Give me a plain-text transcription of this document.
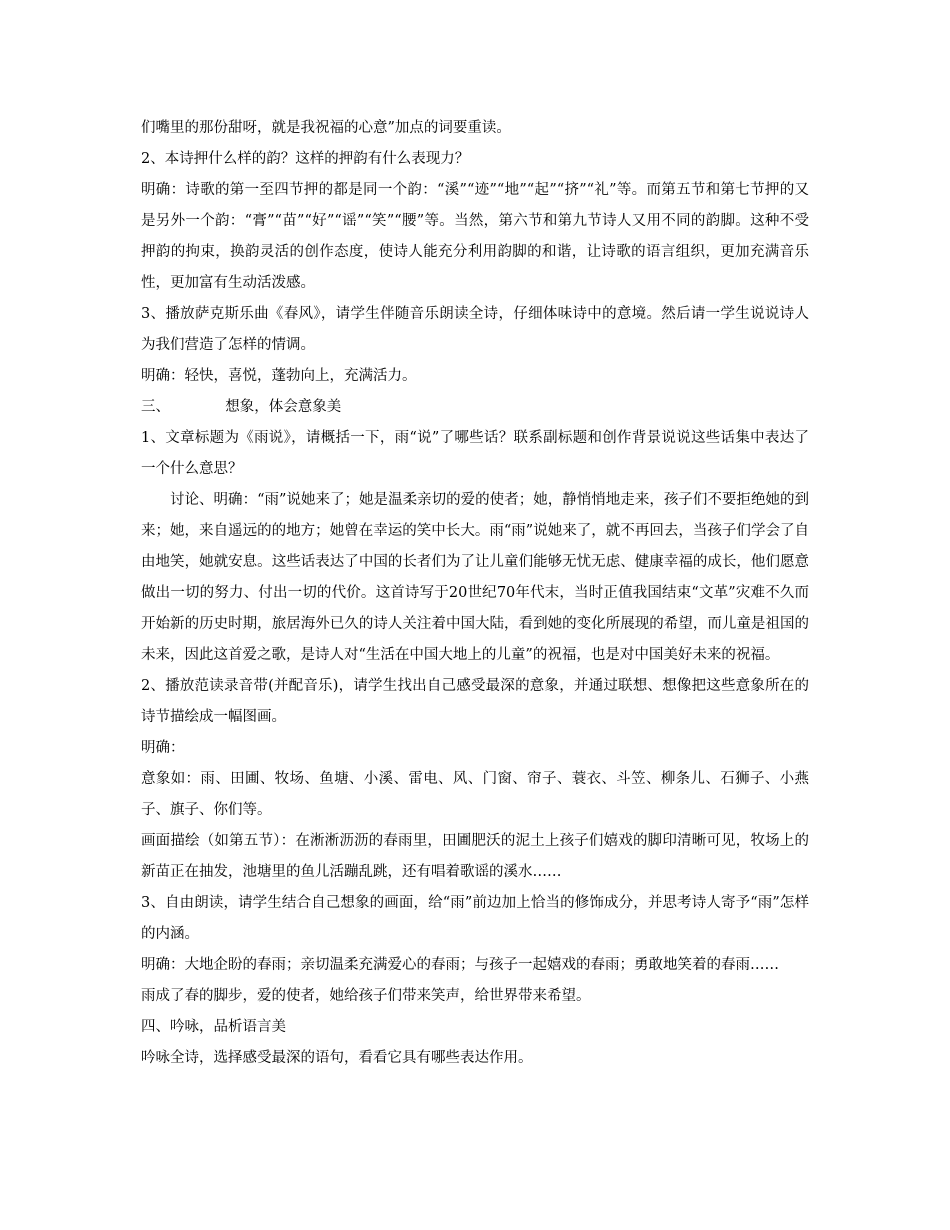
们嘴里的那份甜呀，就是我祝福的心意”加点的词要重读。

2、本诗押什么样的韵？这样的押韵有什么表现力？

明确：诗歌的第一至四节押的都是同一个韵：“溪”“迹”“地”“起”“挤”“礼”等。而第五节和第七节押的又是另外一个韵：“膏”“苗”“好”“谣”“笑”“腰”等。当然，第六节和第九节诗人又用不同的韵脚。这种不受押韵的拘束，换韵灵活的创作态度，使诗人能充分利用韵脚的和谐，让诗歌的语言组织，更加充满音乐性，更加富有生动活泼感。

3、播放萨克斯乐曲《春风》，请学生伴随音乐朗读全诗，仔细体味诗中的意境。然后请一学生说说诗人为我们营造了怎样的情调。

明确：轻快，喜悦，蓬勃向上，充满活力。

三、            想象，体会意象美

1、文章标题为《雨说》，请概括一下，雨“说”了哪些话？联系副标题和创作背景说说这些话集中表达了一个什么意思？

讨论、明确：“雨”说她来了；她是温柔亲切的爱的使者；她，静悄悄地走来，孩子们不要拒绝她的到来；她，来自遥远的的地方；她曾在幸运的笑中长大。雨“雨”说她来了，就不再回去，当孩子们学会了自由地笑，她就安息。这些话表达了中国的长者们为了让儿童们能够无忧无虑、健康幸福的成长，他们愿意做出一切的努力、付出一切的代价。这首诗写于20世纪70年代末，当时正值我国结束“文革”灾难不久而开始新的历史时期，旅居海外已久的诗人关注着中国大陆，看到她的变化所展现的希望，而儿童是祖国的未来，因此这首爱之歌，是诗人对“生活在中国大地上的儿童”的祝福，也是对中国美好未来的祝福。

2、播放范读录音带(并配音乐)，请学生找出自己感受最深的意象，并通过联想、想像把这些意象所在的诗节描绘成一幅图画。

明确：

意象如：雨、田圃、牧场、鱼塘、小溪、雷电、风、门窗、帘子、蓑衣、斗笠、柳条儿、石狮子、小燕子、旗子、你们等。

画面描绘（如第五节）：在淅淅沥沥的春雨里，田圃肥沃的泥土上孩子们嬉戏的脚印清晰可见，牧场上的新苗正在抽发，池塘里的鱼儿活蹦乱跳，还有唱着歌谣的溪水……

3、自由朗读，请学生结合自己想象的画面，给“雨”前边加上恰当的修饰成分，并思考诗人寄予“雨”怎样的内涵。

明确：大地企盼的春雨；亲切温柔充满爱心的春雨；与孩子一起嬉戏的春雨；勇敢地笑着的春雨……

雨成了春的脚步，爱的使者，她给孩子们带来笑声，给世界带来希望。

四、吟咏，品析语言美

吟咏全诗，选择感受最深的语句，看看它具有哪些表达作用。
